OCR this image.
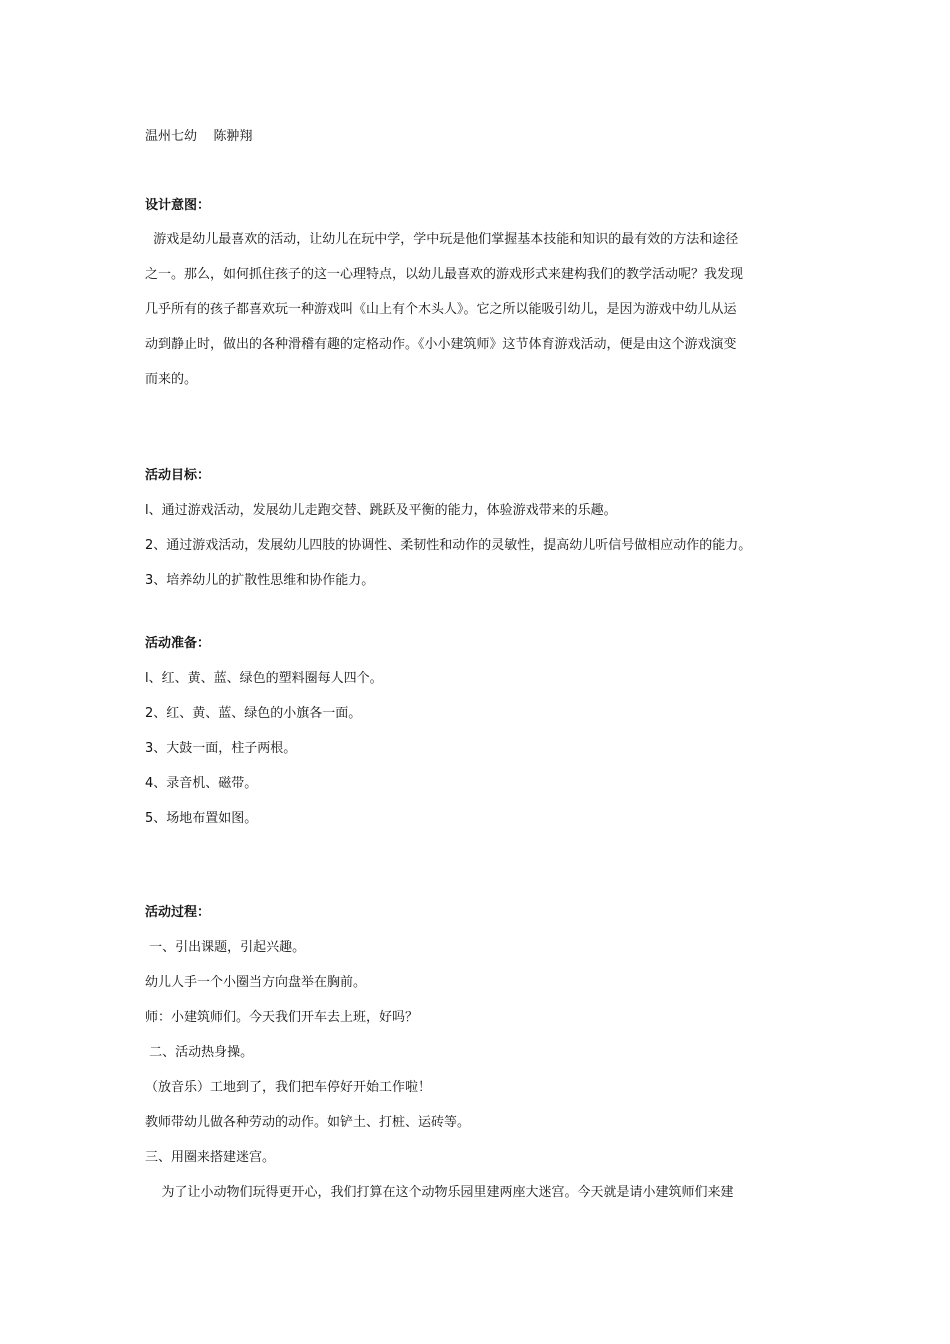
温州七幼    陈翀翔
设计意图：
游戏是幼儿最喜欢的活动，让幼儿在玩中学，学中玩是他们掌握基本技能和知识的最有效的方法和途径
之一。那么，如何抓住孩子的这一心理特点，以幼儿最喜欢的游戏形式来建构我们的教学活动呢？我发现
几乎所有的孩子都喜欢玩一种游戏叫《山上有个木头人》。它之所以能吸引幼儿，是因为游戏中幼儿从运
动到静止时，做出的各种滑稽有趣的定格动作。《小小建筑师》这节体育游戏活动，便是由这个游戏演变
而来的。
活动目标：
l、通过游戏活动，发展幼儿走跑交替、跳跃及平衡的能力，体验游戏带来的乐趣。
2、通过游戏活动，发展幼儿四肢的协调性、柔韧性和动作的灵敏性，提高幼儿听信号做相应动作的能力。
3、培养幼儿的扩散性思维和协作能力。
活动准备：
l、红、黄、蓝、绿色的塑料圈每人四个。
2、红、黄、蓝、绿色的小旗各一面。
3、大鼓一面，柱子两根。
4、录音机、磁带。
5、场地布置如图。
活动过程：
一、引出课题，引起兴趣。
幼儿人手一个小圈当方向盘举在胸前。
师：小建筑师们。今天我们开车去上班，好吗？
二、活动热身操。
（放音乐）工地到了，我们把车停好开始工作啦！
教师带幼儿做各种劳动的动作。如铲土、打桩、运砖等。
三、用圈来搭建迷宫。
为了让小动物们玩得更开心，我们打算在这个动物乐园里建两座大迷宫。今天就是请小建筑师们来建
